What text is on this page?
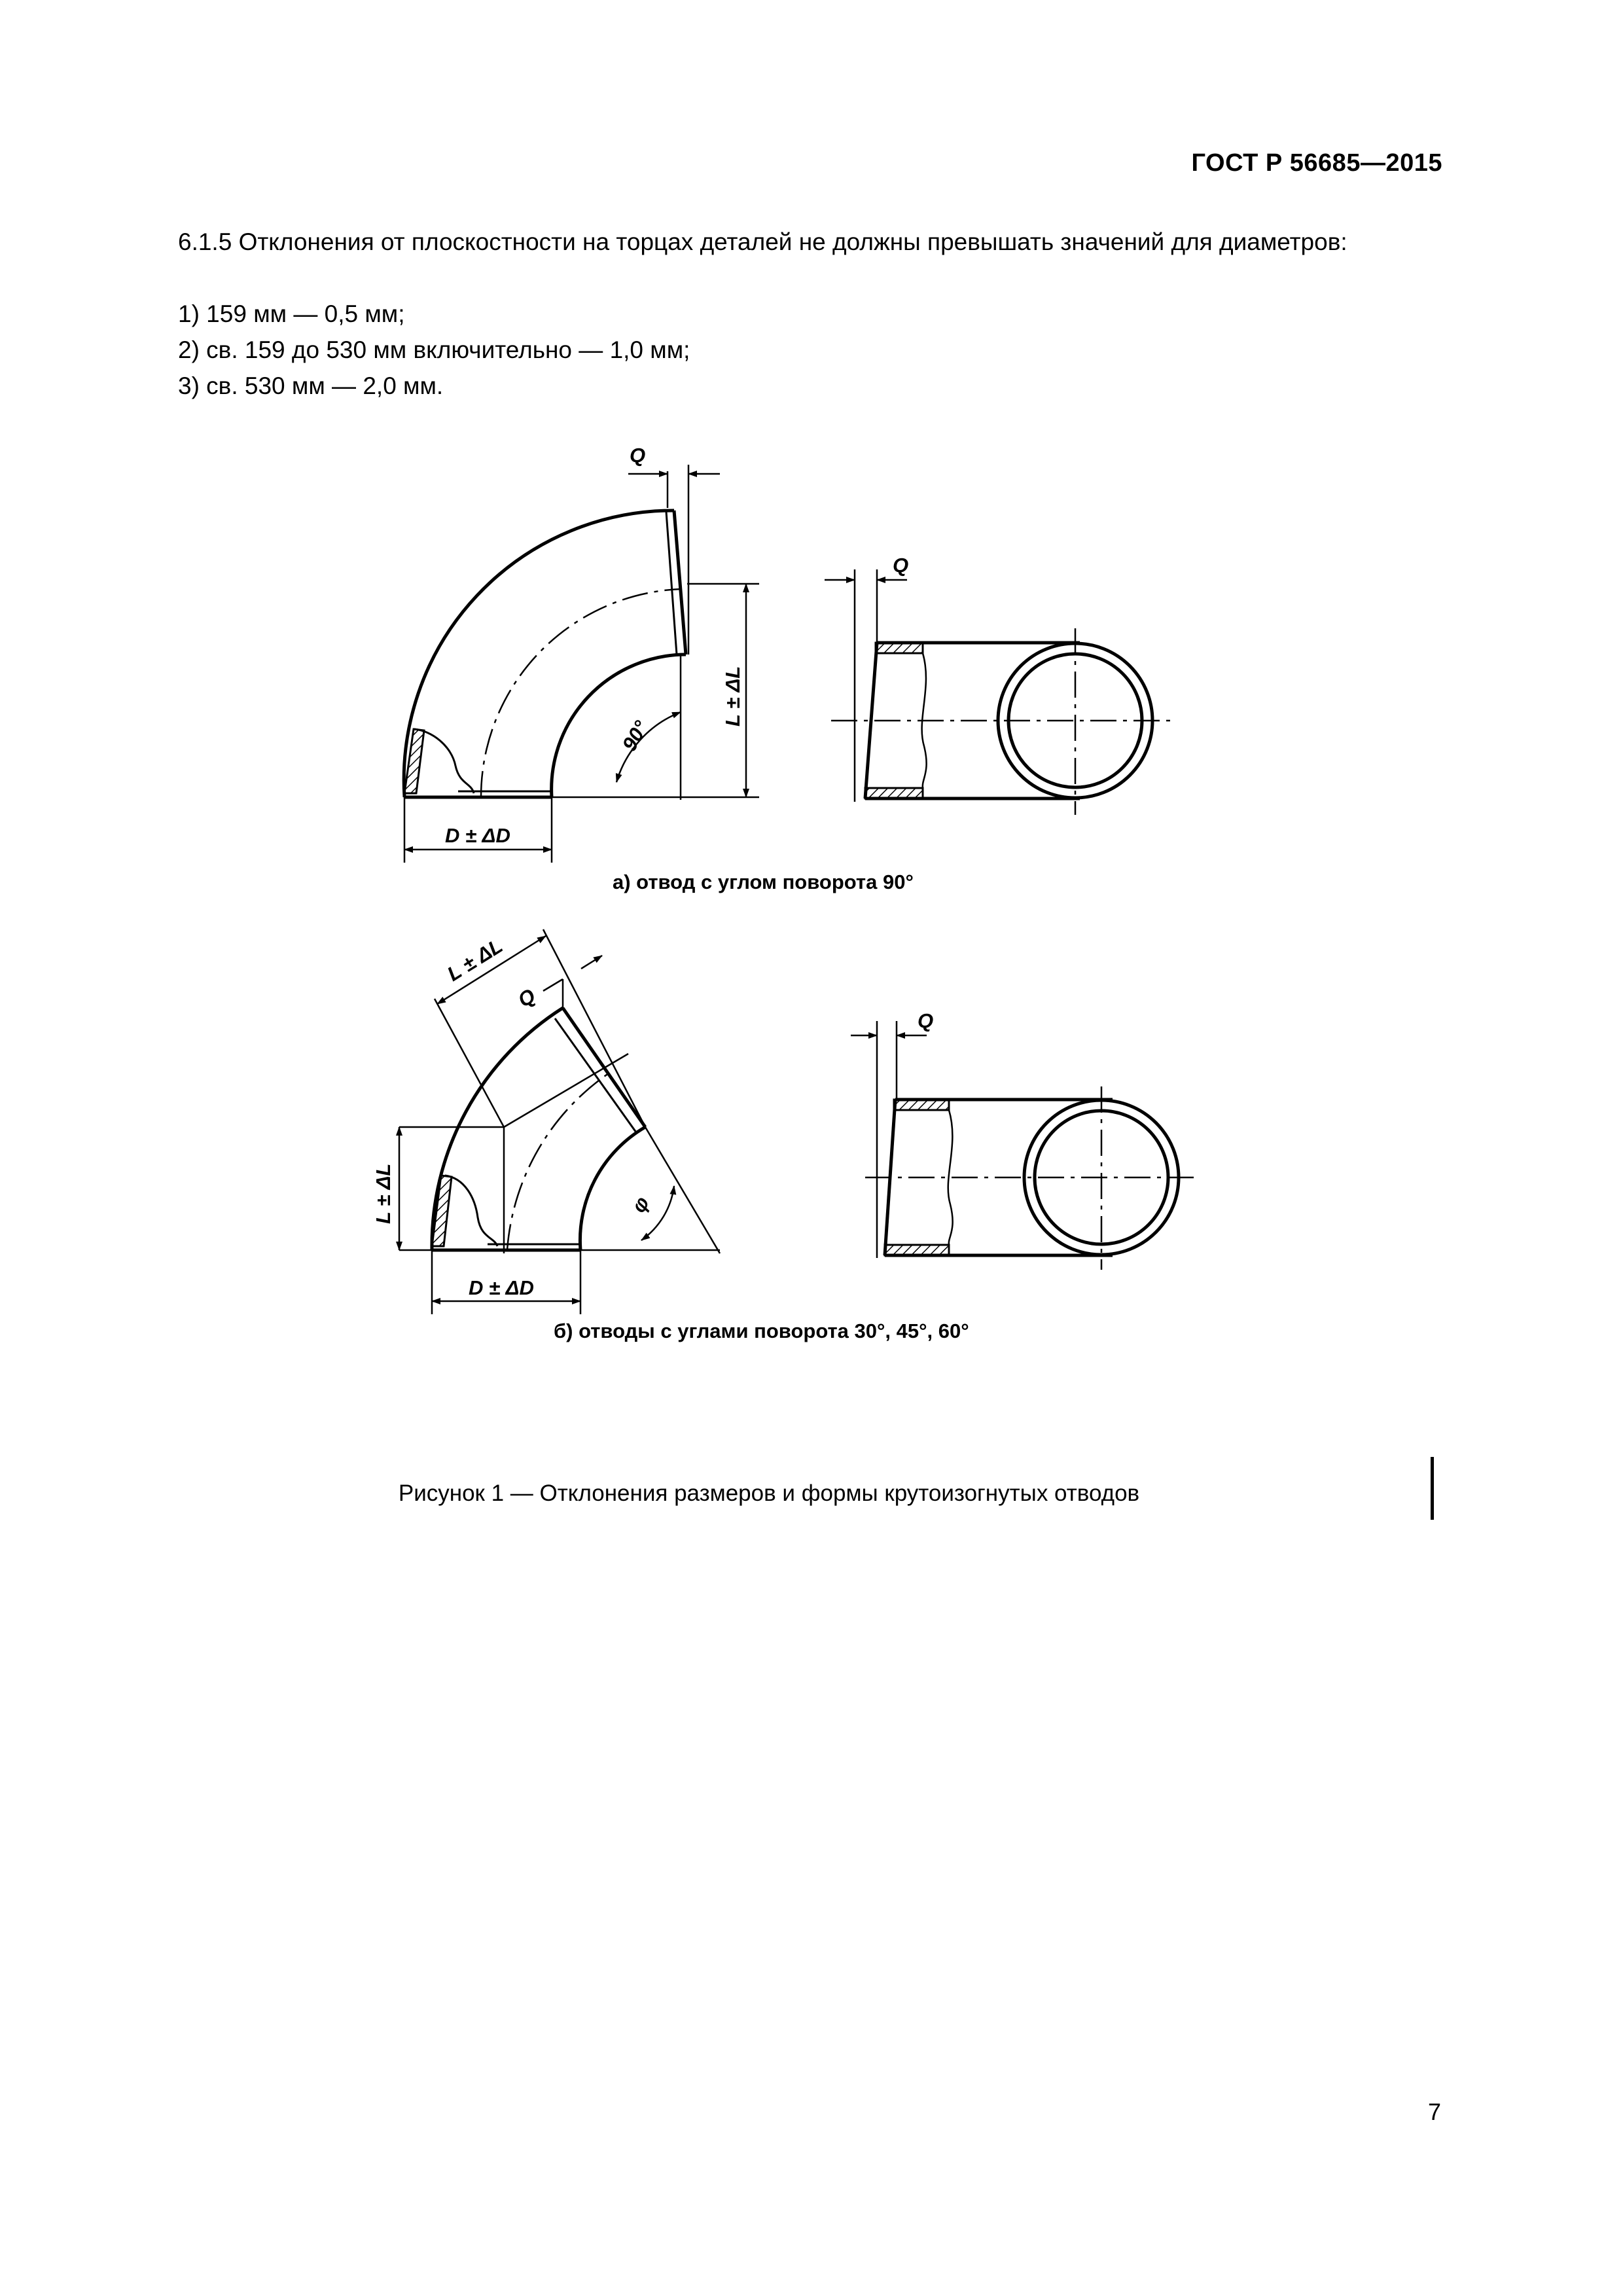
ГОСТ Р 56685—2015
6.1.5 Отклонения от плоскостности на торцах деталей не должны превышать значений для диаметров:
1) 159 мм — 0,5 мм;
2) св. 159 до 530 мм включительно — 1,0 мм;
3) св. 530 мм — 2,0 мм.
Q
D ± ΔD
L ± ΔL
90°
Q
L ± ΔL
Q
L ± ΔL	φ
D ± ΔD
Q
а) отвод с углом поворота 90°
б) отводы с углами поворота 30°, 45°, 60°
Рисунок 1 — Отклонения размеров и формы крутоизогнутых отводов
7
